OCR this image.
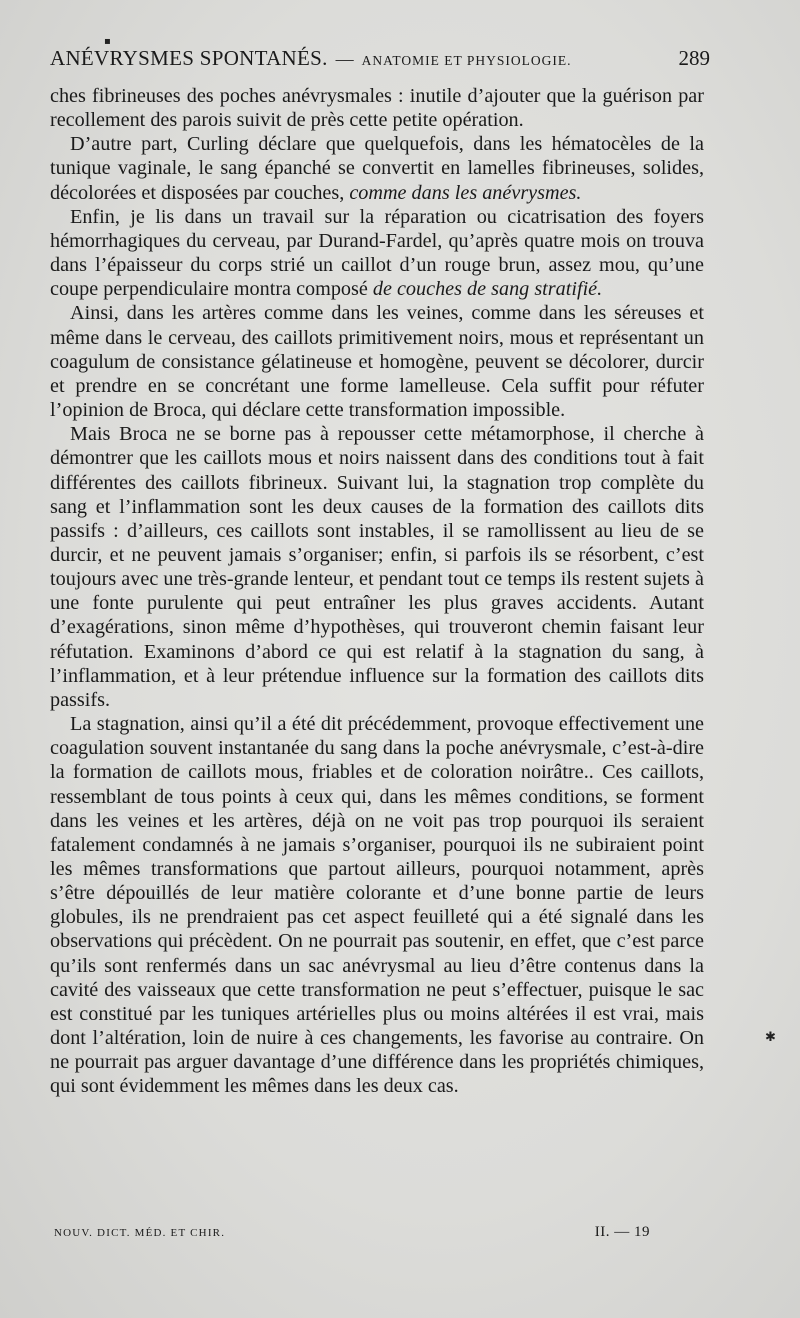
▪
ANÉVRYSMES SPONTANÉS. — ANATOMIE ET PHYSIOLOGIE.	289

ches fibrineuses des poches anévrysmales : inutile d’ajouter que la guérison par recollement des parois suivit de près cette petite opération.

D’autre part, Curling déclare que quelquefois, dans les hématocèles de la tunique vaginale, le sang épanché se convertit en lamelles fibrineuses, solides, décolorées et disposées par couches, comme dans les anévrysmes.

Enfin, je lis dans un travail sur la réparation ou cicatrisation des foyers hémorrhagiques du cerveau, par Durand-Fardel, qu’après quatre mois on trouva dans l’épaisseur du corps strié un caillot d’un rouge brun, assez mou, qu’une coupe perpendiculaire montra composé de couches de sang stratifié.

Ainsi, dans les artères comme dans les veines, comme dans les séreuses et même dans le cerveau, des caillots primitivement noirs, mous et représentant un coagulum de consistance gélatineuse et homogène, peuvent se décolorer, durcir et prendre en se concrétant une forme lamelleuse. Cela suffit pour réfuter l’opinion de Broca, qui déclare cette transformation impossible.

Mais Broca ne se borne pas à repousser cette métamorphose, il cherche à démontrer que les caillots mous et noirs naissent dans des conditions tout à fait différentes des caillots fibrineux. Suivant lui, la stagnation trop complète du sang et l’inflammation sont les deux causes de la formation des caillots dits passifs : d’ailleurs, ces caillots sont instables, il se ramollissent au lieu de se durcir, et ne peuvent jamais s’organiser; enfin, si parfois ils se résorbent, c’est toujours avec une très-grande lenteur, et pendant tout ce temps ils restent sujets à une fonte purulente qui peut entraîner les plus graves accidents. Autant d’exagérations, sinon même d’hypothèses, qui trouveront chemin faisant leur réfutation. Examinons d’abord ce qui est relatif à la stagnation du sang, à l’inflammation, et à leur prétendue influence sur la formation des caillots dits passifs.

La stagnation, ainsi qu’il a été dit précédemment, provoque effectivement une coagulation souvent instantanée du sang dans la poche anévrysmale, c’est-à-dire la formation de caillots mous, friables et de coloration noirâtre.. Ces caillots, ressemblant de tous points à ceux qui, dans les mêmes conditions, se forment dans les veines et les artères, déjà on ne voit pas trop pourquoi ils seraient fatalement condamnés à ne jamais s’organiser, pourquoi ils ne subiraient point les mêmes transformations que partout ailleurs, pourquoi notamment, après s’être dépouillés de leur matière colorante et d’une bonne partie de leurs globules, ils ne prendraient pas cet aspect feuilleté qui a été signalé dans les observations qui précèdent. On ne pourrait pas soutenir, en effet, que c’est parce qu’ils sont renfermés dans un sac anévrysmal au lieu d’être contenus dans la cavité des vaisseaux que cette transformation ne peut s’effectuer, puisque le sac est constitué par les tuniques artérielles plus ou moins altérées il est vrai, mais dont l’altération, loin de nuire à ces changements, les favorise au contraire. On ne pourrait pas arguer davantage d’une différence dans les propriétés chimiques, qui sont évidemment les mêmes dans les deux cas.

✱
NOUV. DICT. MÉD. ET CHIR.	II. — 19
